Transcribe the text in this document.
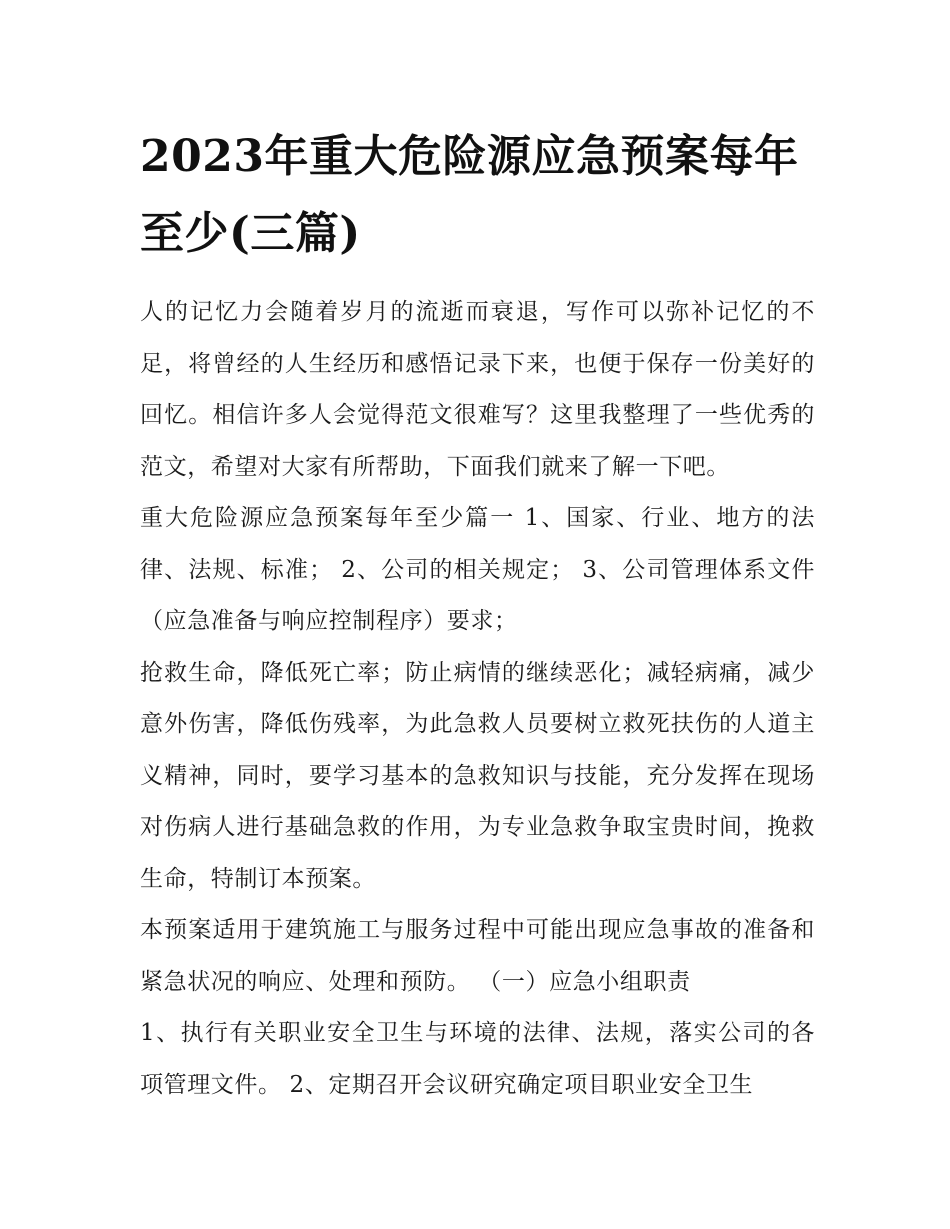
2023年重大危险源应急预案每年至少(三篇)

人的记忆力会随着岁月的流逝而衰退，写作可以弥补记忆的不足，将曾经的人生经历和感悟记录下来，也便于保存一份美好的回忆。相信许多人会觉得范文很难写？这里我整理了一些优秀的范文，希望对大家有所帮助，下面我们就来了解一下吧。

重大危险源应急预案每年至少篇一 1、国家、行业、地方的法律、法规、标准； 2、公司的相关规定； 3、公司管理体系文件（应急准备与响应控制程序）要求；

抢救生命，降低死亡率；防止病情的继续恶化；减轻病痛，减少意外伤害，降低伤残率，为此急救人员要树立救死扶伤的人道主义精神，同时，要学习基本的急救知识与技能，充分发挥在现场对伤病人进行基础急救的作用，为专业急救争取宝贵时间，挽救生命，特制订本预案。

本预案适用于建筑施工与服务过程中可能出现应急事故的准备和紧急状况的响应、处理和预防。 （一）应急小组职责

1、执行有关职业安全卫生与环境的法律、法规，落实公司的各项管理文件。 2、定期召开会议研究确定项目职业安全卫生
